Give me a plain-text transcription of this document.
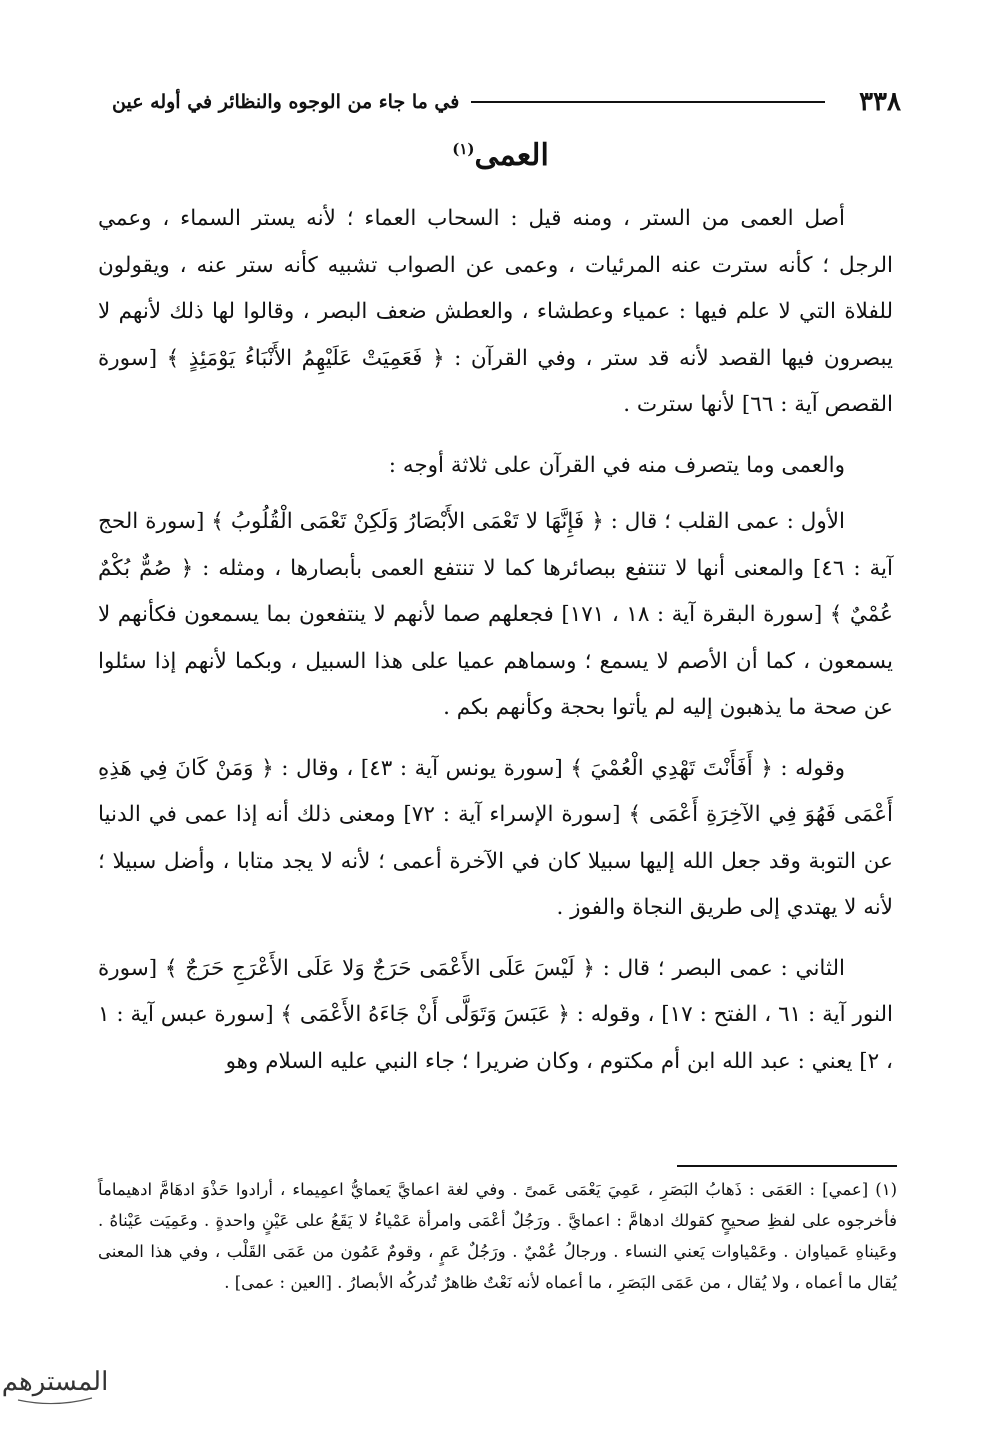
٣٣٨
في ما جاء من الوجوه والنظائر في أوله عين
العمى$^{(١)}$

أصل العمى من الستر ، ومنه قيل : السحاب العماء ؛ لأنه يستر السماء ، وعمي الرجل ؛ كأنه سترت عنه المرئيات ، وعمى عن الصواب تشبيه كأنه ستر عنه ، ويقولون للفلاة التي لا علم فيها : عمياء وعطشاء ، والعطش ضعف البصر ، وقالوا لها ذلك لأنهم لا يبصرون فيها القصد لأنه قد ستر ، وفي القرآن : ﴿ فَعَمِيَتْ عَلَيْهِمُ الأَنْبَاءُ يَوْمَئِذٍ ﴾ [سورة القصص آية : ٦٦] لأنها سترت .

والعمى وما يتصرف منه في القرآن على ثلاثة أوجه :

الأول : عمى القلب ؛ قال : ﴿ فَإِنَّهَا لا تَعْمَى الأَبْصَارُ وَلَكِنْ تَعْمَى الْقُلُوبُ ﴾ [سورة الحج آية : ٤٦] والمعنى أنها لا تنتفع ببصائرها كما لا تنتفع العمى بأبصارها ، ومثله : ﴿ صُمٌّ بُكْمٌ عُمْيٌ ﴾ [سورة البقرة آية : ١٨ ، ١٧١] فجعلهم صما لأنهم لا ينتفعون بما يسمعون فكأنهم لا يسمعون ، كما أن الأصم لا يسمع ؛ وسماهم عميا على هذا السبيل ، وبكما لأنهم إذا سئلوا عن صحة ما يذهبون إليه لم يأتوا بحجة وكأنهم بكم .

وقوله : ﴿ أَفَأَنْتَ تَهْدِي الْعُمْيَ ﴾ [سورة يونس آية : ٤٣] ، وقال : ﴿ وَمَنْ كَانَ فِي هَذِهِ أَعْمَى فَهُوَ فِي الآخِرَةِ أَعْمَى ﴾ [سورة الإسراء آية : ٧٢] ومعنى ذلك أنه إذا عمى في الدنيا عن التوبة وقد جعل الله إليها سبيلا كان في الآخرة أعمى ؛ لأنه لا يجد متابا ، وأضل سبيلا ؛ لأنه لا يهتدي إلى طريق النجاة والفوز .

الثاني : عمى البصر ؛ قال : ﴿ لَيْسَ عَلَى الأَعْمَى حَرَجٌ وَلا عَلَى الأَعْرَجِ حَرَجٌ ﴾ [سورة النور آية : ٦١ ، الفتح : ١٧] ، وقوله : ﴿ عَبَسَ وَتَوَلَّى أَنْ جَاءَهُ الأَعْمَى ﴾ [سورة عبس آية : ١ ، ٢] يعني : عبد الله ابن أم مكتوم ، وكان ضريرا ؛ جاء النبي عليه السلام وهو

(١) [عمي] : العَمَى : ذَهابُ البَصَرِ ، عَمِيَ يَعْمَى عَمىً . وفي لغة اعمايَّ يَعمايُّ اعمِيماء ، أرادوا حَذْوَ ادهَامَّ ادهيماماً فأخرجوه على لفظِ صحيحٍ كقولك ادهامَّ : اعمايَّ . ورَجُلٌ أعْمَى وامرأة عَمْياءُ لا يَقَعُ على عَيْنٍ واحدةٍ . وعَمِيَت عَيْناهُ . وعَيناهِ عَمياوان . وعَمْياوات يَعني النساء . ورجالُ عُمْيٌ . ورَجُلٌ عَمٍ ، وقومٌ عَمُون من عَمَى القَلْب ، وفي هذا المعنى يُقال ما أعماه ، ولا يُقال ، من عَمَى البَصَرِ ، ما أعماه لأنه نَعْتٌ ظاهرٌ تُدركُه الأبصارُ . [العين : عمى] .

المسترهم
